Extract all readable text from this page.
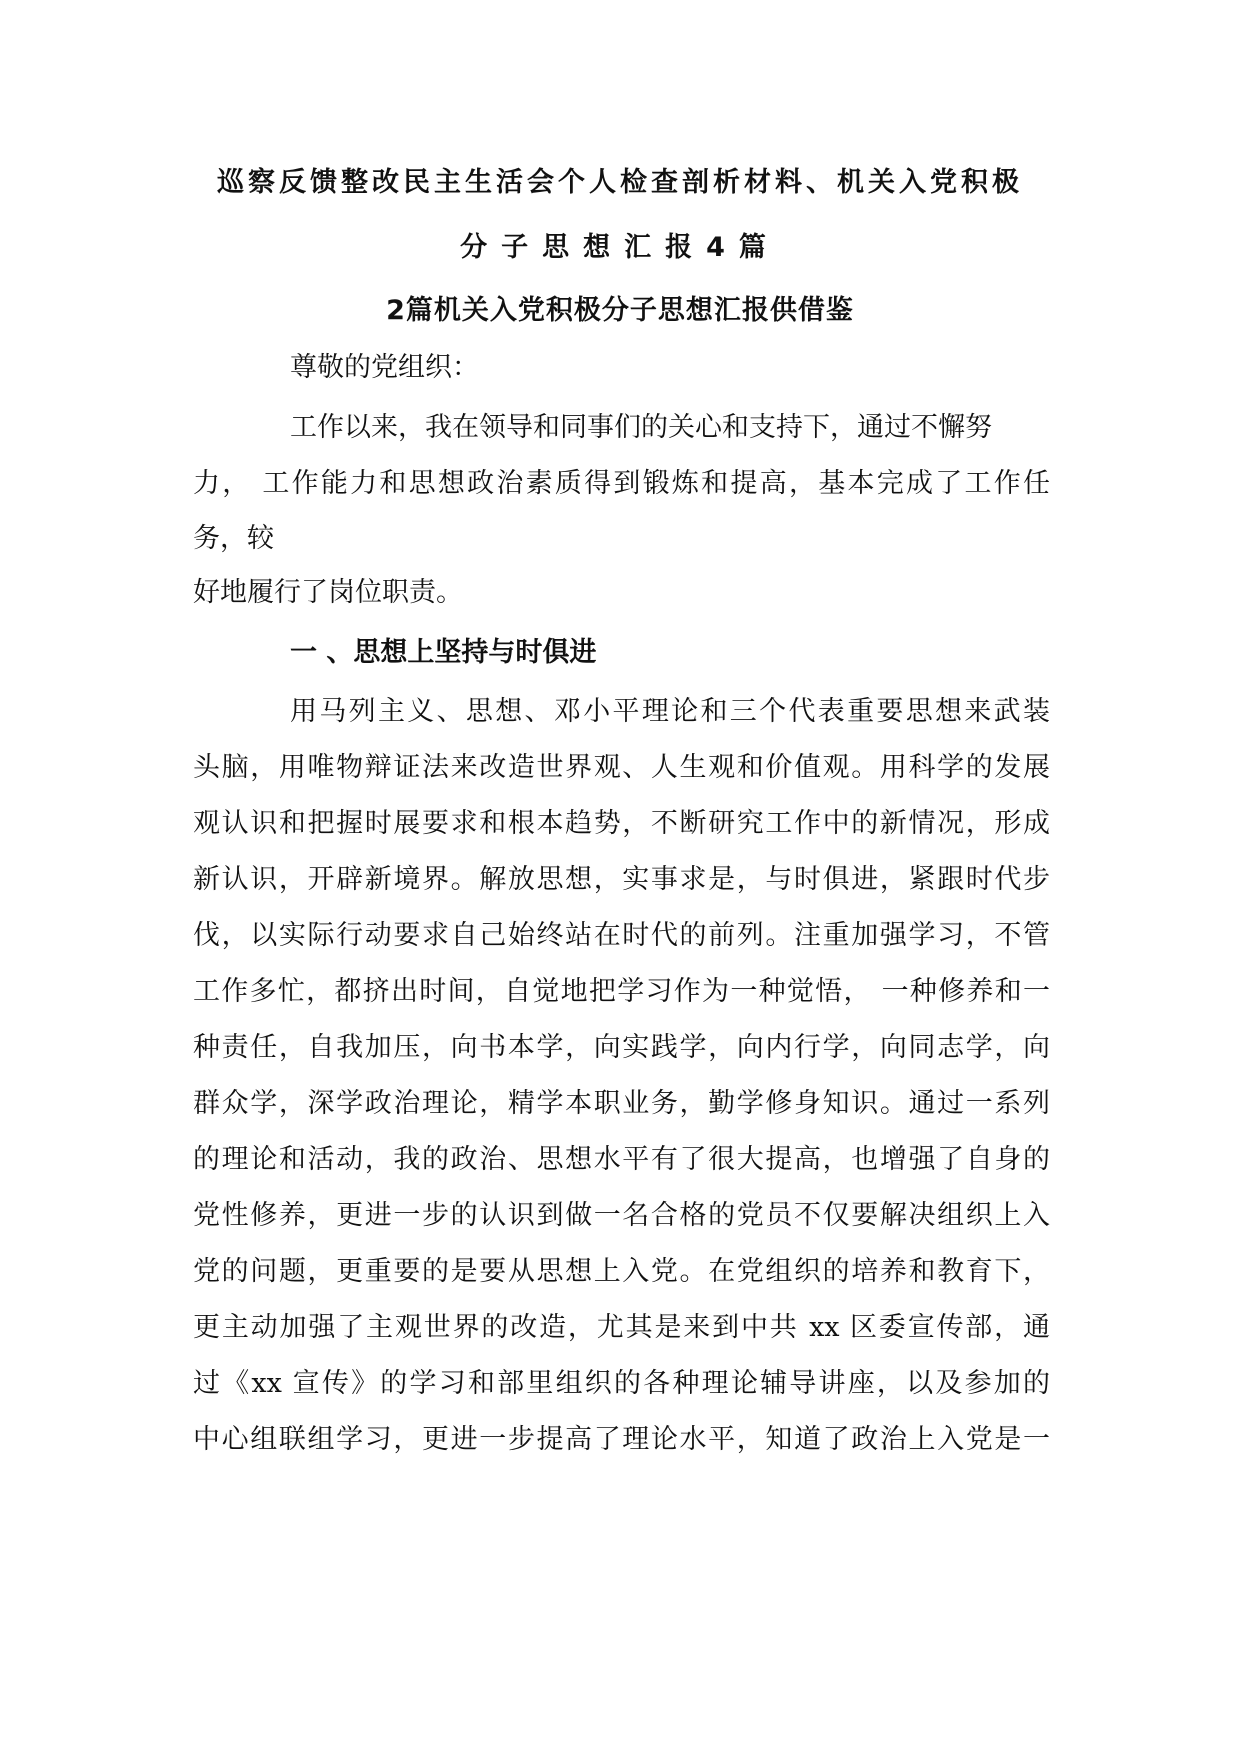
巡察反馈整改民主生活会个人检查剖析材料、机关入党积极
分子思想汇报4篇
2篇机关入党积极分子思想汇报供借鉴
尊敬的党组织：
工作以来，我在领导和同事们的关心和支持下，通过不懈努
力， 工作能力和思想政治素质得到锻炼和提高，基本完成了工作任
务，较
好地履行了岗位职责。
一 、思想上坚持与时俱进
用马列主义、思想、邓小平理论和三个代表重要思想来武装
头脑，用唯物辩证法来改造世界观、人生观和价值观。用科学的发展
观认识和把握时展要求和根本趋势，不断研究工作中的新情况，形成
新认识，开辟新境界。解放思想，实事求是，与时俱进，紧跟时代步
伐，以实际行动要求自己始终站在时代的前列。注重加强学习，不管
工作多忙，都挤出时间，自觉地把学习作为一种觉悟， 一种修养和一
种责任，自我加压，向书本学，向实践学，向内行学，向同志学，向
群众学，深学政治理论，精学本职业务，勤学修身知识。通过一系列
的理论和活动，我的政治、思想水平有了很大提高，也增强了自身的
党性修养，更进一步的认识到做一名合格的党员不仅要解决组织上入
党的问题，更重要的是要从思想上入党。在党组织的培养和教育下，
更主动加强了主观世界的改造，尤其是来到中共 xx 区委宣传部，通
过《xx 宣传》的学习和部里组织的各种理论辅导讲座，以及参加的
中心组联组学习，更进一步提高了理论水平，知道了政治上入党是一
